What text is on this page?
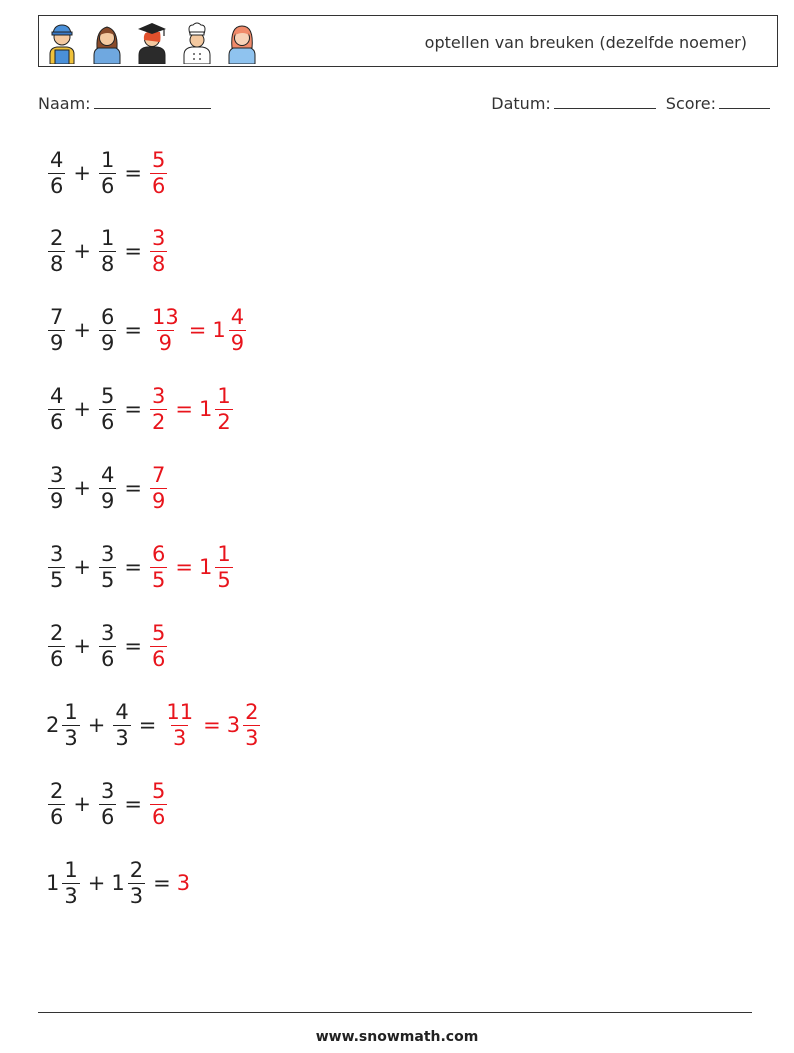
optellen van breuken (dezelfde noemer)
Naam:	Datum:	Score:
$\frac{4}{6} + \frac{1}{6} = \frac{5}{6}$
$\frac{2}{8} + \frac{1}{8} = \frac{3}{8}$
$\frac{7}{9} + \frac{6}{9} = \frac{13}{9} = 1 \frac{4}{9}$
$\frac{4}{6} + \frac{5}{6} = \frac{3}{2} = 1 \frac{1}{2}$
$\frac{3}{9} + \frac{4}{9} = \frac{7}{9}$
$\frac{3}{5} + \frac{3}{5} = \frac{6}{5} = 1 \frac{1}{5}$
$\frac{2}{6} + \frac{3}{6} = \frac{5}{6}$
$2 \frac{1}{3} + \frac{4}{3} = \frac{11}{3} = 3 \frac{2}{3}$
$\frac{2}{6} + \frac{3}{6} = \frac{5}{6}$
$1 \frac{1}{3} + 1 \frac{2}{3} = 3$
www.snowmath.com
